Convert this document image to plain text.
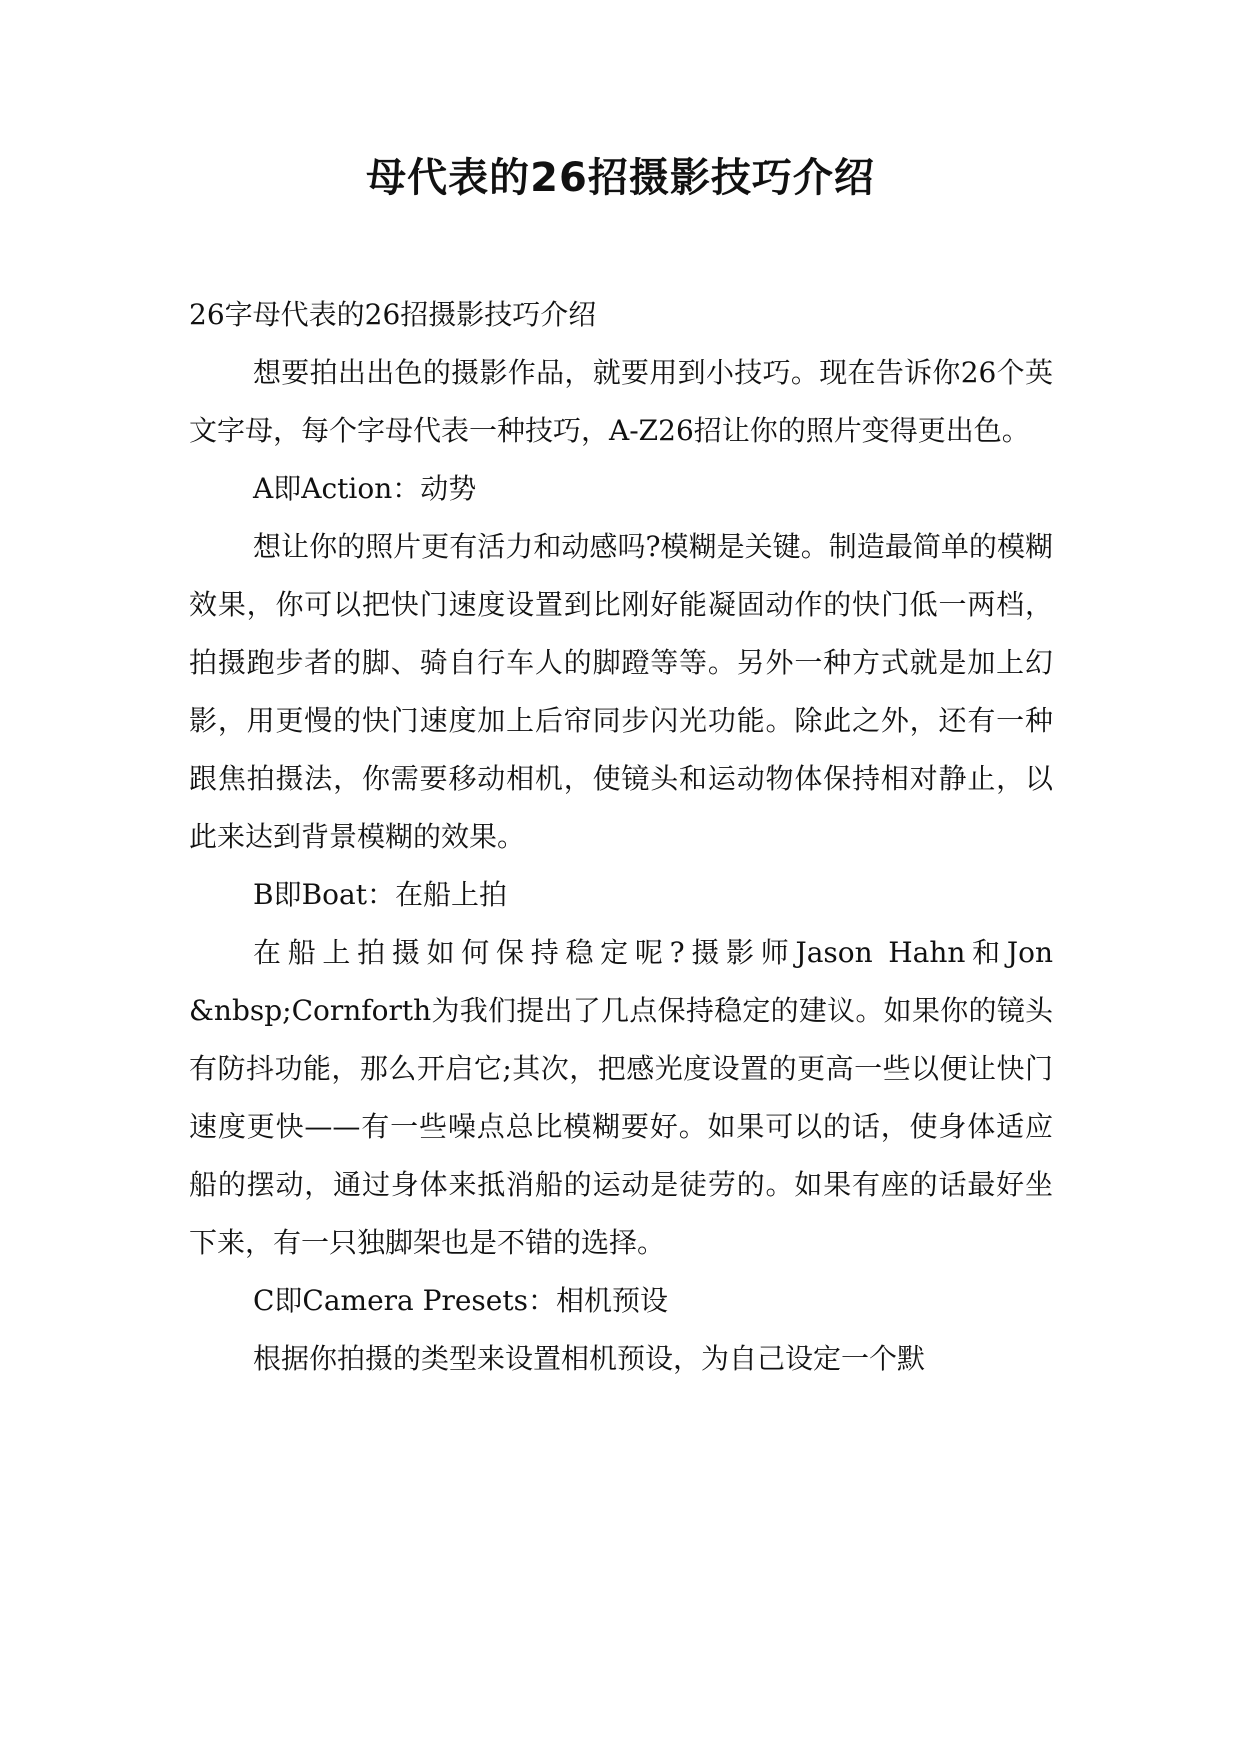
母代表的26招摄影技巧介绍

26字母代表的26招摄影技巧介绍

想要拍出出色的摄影作品，就要用到小技巧。现在告诉你26个英文字母，每个字母代表一种技巧，A-Z26招让你的照片变得更出色。

A即Action：动势

想让你的照片更有活力和动感吗?模糊是关键。制造最简单的模糊效果，你可以把快门速度设置到比刚好能凝固动作的快门低一两档，拍摄跑步者的脚、骑自行车人的脚蹬等等。另外一种方式就是加上幻影，用更慢的快门速度加上后帘同步闪光功能。除此之外，还有一种跟焦拍摄法，你需要移动相机，使镜头和运动物体保持相对静止，以此来达到背景模糊的效果。

B即Boat：在船上拍

在船上拍摄如何保持稳定呢?摄影师Jason Hahn和Jon &nbsp;Cornforth为我们提出了几点保持稳定的建议。如果你的镜头有防抖功能，那么开启它;其次，把感光度设置的更高一些以便让快门速度更快——有一些噪点总比模糊要好。如果可以的话，使身体适应船的摆动，通过身体来抵消船的运动是徒劳的。如果有座的话最好坐下来，有一只独脚架也是不错的选择。

C即Camera Presets：相机预设

根据你拍摄的类型来设置相机预设，为自己设定一个默
